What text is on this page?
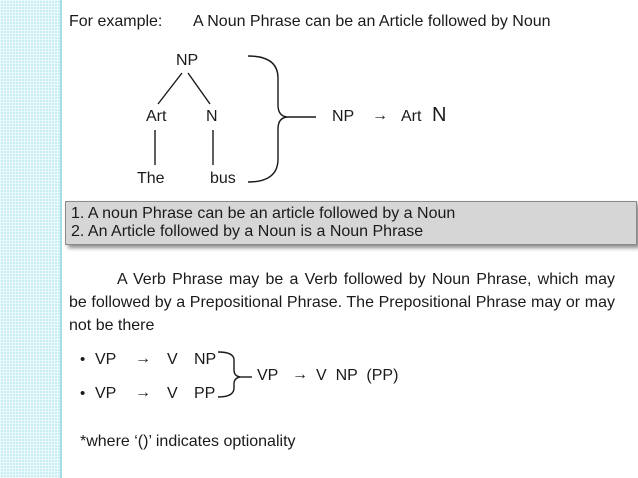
For example: A Noun Phrase can be an Article followed by Noun
NP
Art N
The	bus
NP → Art N
1. A noun Phrase can be an article followed by a Noun
2. An Article followed by a Noun is a Noun Phrase
A Verb Phrase may be a Verb followed by Noun Phrase, which may be followed by a Prepositional Phrase. The Prepositional Phrase may or may not be there
• VP → V NP
• VP → V PP
VP → V  NP  (PP)
*where ‘()’ indicates optionality
